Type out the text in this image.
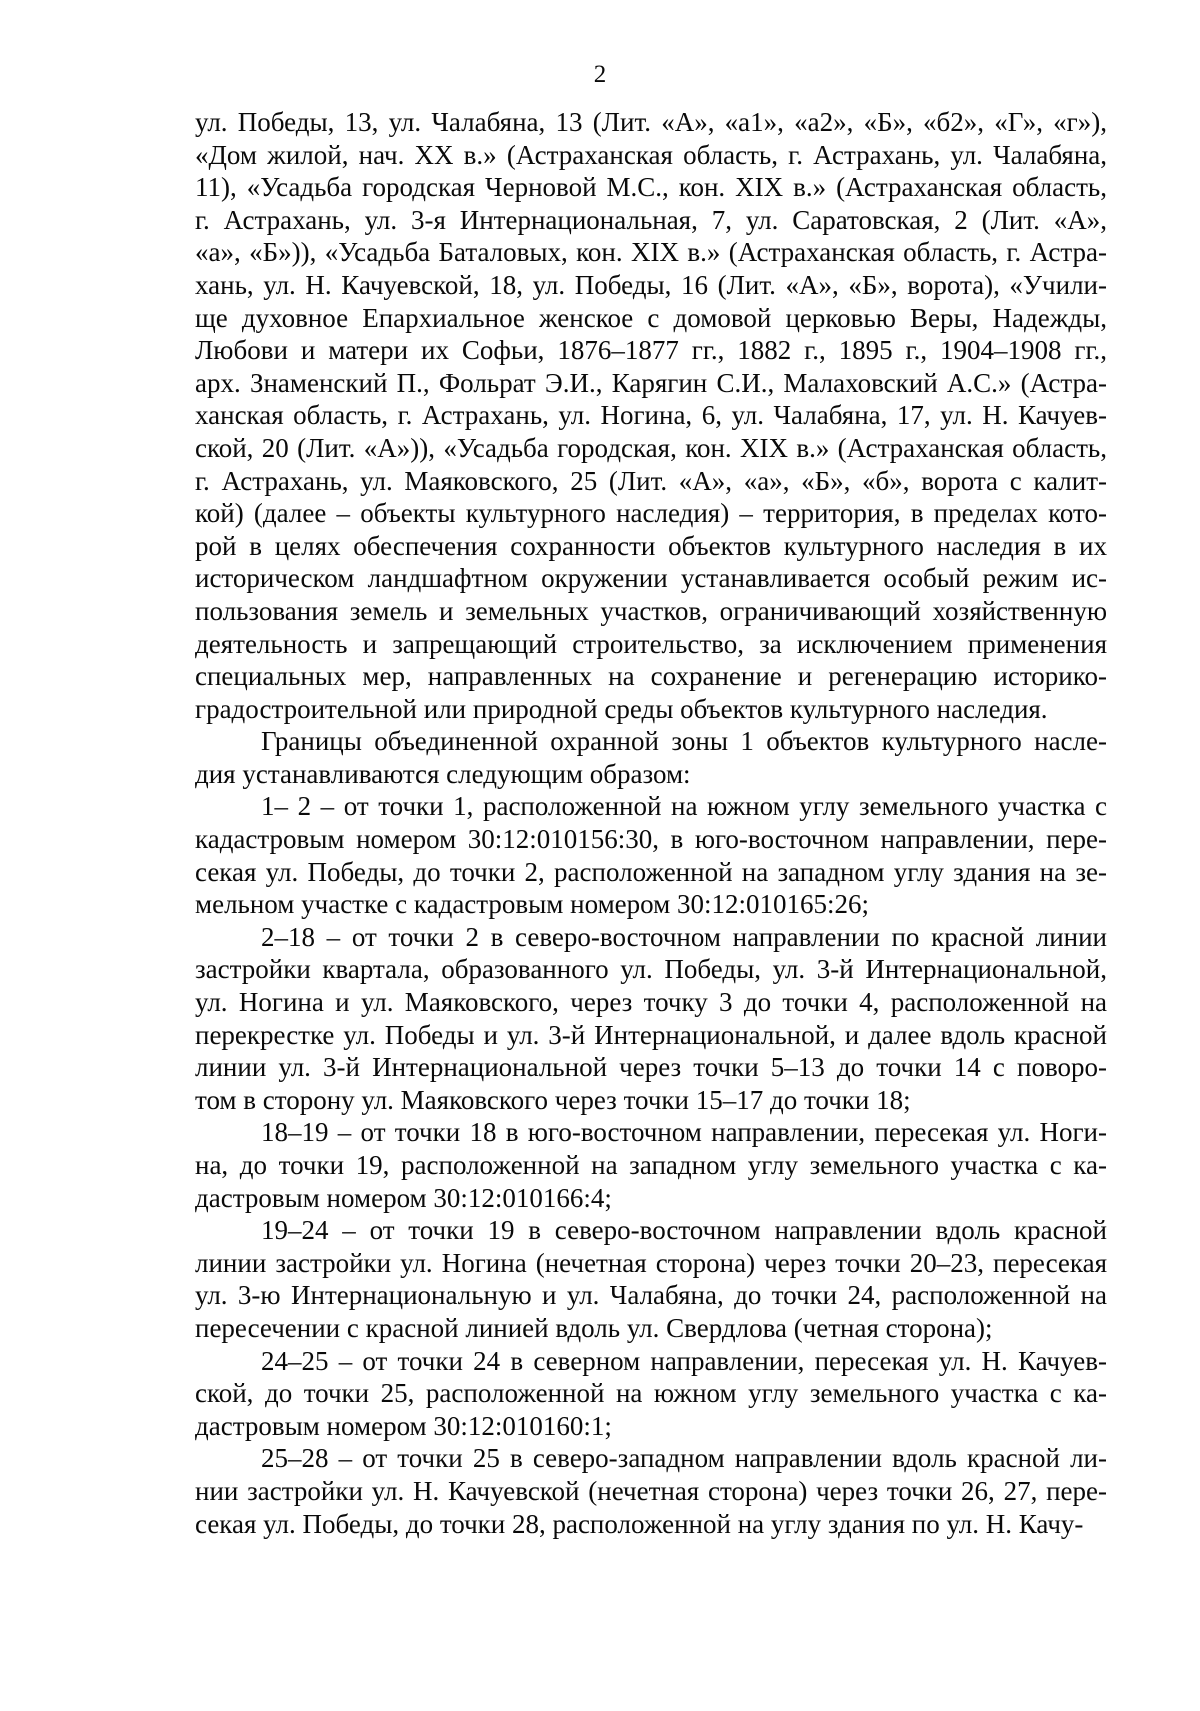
2
ул. Победы, 13, ул. Чалабяна, 13 (Лит. «А», «а1», «а2», «Б», «б2», «Г», «г»),
«Дом жилой, нач. XX в.» (Астраханская область, г. Астрахань, ул. Чалабяна,
11), «Усадьба городская Черновой М.С., кон. XIX в.» (Астраханская область,
г. Астрахань, ул. 3-я Интернациональная, 7, ул. Саратовская, 2 (Лит. «А»,
«а», «Б»)), «Усадьба Баталовых, кон. XIX в.» (Астраханская область, г. Астра-
хань, ул. Н. Качуевской, 18, ул. Победы, 16 (Лит. «А», «Б», ворота), «Учили-
ще духовное Епархиальное женское с домовой церковью Веры, Надежды,
Любови и матери их Софьи, 1876–1877 гг., 1882 г., 1895 г., 1904–1908 гг.,
арх. Знаменский П., Фольрат Э.И., Карягин С.И., Малаховский А.С.» (Астра-
ханская область, г. Астрахань, ул. Ногина, 6, ул. Чалабяна, 17, ул. Н. Качуев-
ской, 20 (Лит. «А»)), «Усадьба городская, кон. XIX в.» (Астраханская область,
г. Астрахань, ул. Маяковского, 25 (Лит. «А», «а», «Б», «б», ворота с калит-
кой) (далее – объекты культурного наследия) – территория, в пределах кото-
рой в целях обеспечения сохранности объектов культурного наследия в их
историческом ландшафтном окружении устанавливается особый режим ис-
пользования земель и земельных участков, ограничивающий хозяйственную
деятельность и запрещающий строительство, за исключением применения
специальных мер, направленных на сохранение и регенерацию историко-
градостроительной или природной среды объектов культурного наследия.
Границы объединенной охранной зоны 1 объектов культурного насле-
дия устанавливаются следующим образом:
1– 2 – от точки 1, расположенной на южном углу земельного участка с
кадастровым номером 30:12:010156:30, в юго-восточном направлении, пере-
секая ул. Победы, до точки 2, расположенной на западном углу здания на зе-
мельном участке с кадастровым номером 30:12:010165:26;
2–18 – от точки 2 в северо-восточном направлении по красной линии
застройки квартала, образованного ул. Победы, ул. 3-й Интернациональной,
ул. Ногина и ул. Маяковского, через точку 3 до точки 4, расположенной на
перекрестке ул. Победы и ул. 3-й Интернациональной, и далее вдоль красной
линии ул. 3-й Интернациональной через точки 5–13 до точки 14 с поворо-
том в сторону ул. Маяковского через точки 15–17 до точки 18;
18–19 – от точки 18 в юго-восточном направлении, пересекая ул. Ноги-
на, до точки 19, расположенной на западном углу земельного участка с ка-
дастровым номером 30:12:010166:4;
19–24 – от точки 19 в северо-восточном направлении вдоль красной
линии застройки ул. Ногина (нечетная сторона) через точки 20–23, пересекая
ул. 3-ю Интернациональную и ул. Чалабяна, до точки 24, расположенной на
пересечении с красной линией вдоль ул. Свердлова (четная сторона);
24–25 – от точки 24 в северном направлении, пересекая ул. Н. Качуев-
ской, до точки 25, расположенной на южном углу земельного участка с ка-
дастровым номером 30:12:010160:1;
25–28 – от точки 25 в северо-западном направлении вдоль красной ли-
нии застройки ул. Н. Качуевской (нечетная сторона) через точки 26, 27, пере-
секая ул. Победы, до точки 28, расположенной на углу здания по ул. Н. Качу-
